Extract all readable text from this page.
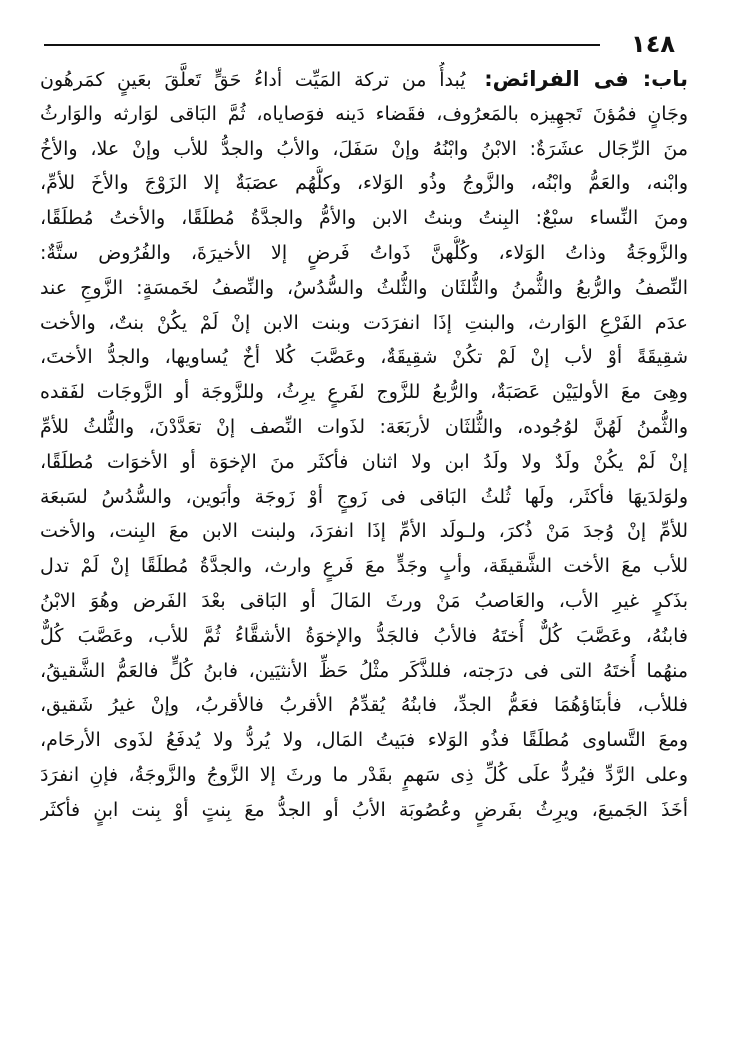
١٤٨
باب: فى الفرائض: يُبدأُ من تركة المَيِّت أداءُ حَقٍّ تَعلَّقَ بعَينٍ كمَرهُون
وجَانٍ فمُؤنَ تَجهِيزه بالمَعرُوف، فقَضاء دَينه فوَصاياه، ثُمَّ البَاقى لوَارثه والوَارثُ
منَ الرِّجَال عشَرَةٌ: الابْنُ وابْنُهُ وإنْ سَفَلَ، والأبُ والجدُّ للأب وإنْ علا، والأخُ
وابْنه، والعَمُّ وابْنُه، والزَّوجُ وذُو الوَلاء، وكلُّهُم عصَبَةٌ إلا الزَوْجَ والأخَ للأمِّ،
ومنَ النِّساء سبْعٌ: البِنتُ وبنتُ الابن والأمُّ والجدَّةُ مُطلَقًا، والأختُ مُطلَقًا،
والزَّوجَةُ وذاتُ الوَلاء، وكُلُّهنَّ ذَواتُ فَرضٍ إلا الأخيرَةَ، والفُرُوض ستَّةٌ:
النِّصفُ والرُّبعُ والثُّمنُ والثُّلثَان والثُّلثُ والسُّدُسُ، والنِّصفُ لخَمسَةٍ: الزَّوجِ عند
عدَم الفَرْعِ الوَارث، والبنتِ إذَا انفرَدَت وبنت الابن إنْ لَمْ يكُنْ بنتٌ، والأخت
شقِيقَةً أوْ لأب إنْ لَمْ تكُنْ شقِيقَةٌ، وعَصَّبَ كُلا أخٌ يُساويها، والجدُّ الأختَ،
وهِىَ معَ الأوليَيْن عَصَبَةٌ، والرُّبعُ للزَّوج لفَرعٍ يرِثُ، وللزَّوجَة أو الزَّوجَات لفَقده
والثُّمنُ لَهُنَّ لوُجُوده، والثُّلثَان لأربَعَة: لذَوات النِّصف إنْ تعَدَّدْنَ، والثُّلثُ للأمِّ
إنْ لَمْ يكُنْ ولَدٌ ولا ولَدُ ابن ولا اثنان فأكثَر منَ الإخوَة أو الأخوَات مُطلَقًا،
ولوَلدَيهَا فأكثَر، ولَها ثُلثُ البَاقى فى زَوجٍ أوْ زَوجَة وأبَوين، والسُّدُسُ لسَبعَة
للأمِّ إنْ وُجدَ مَنْ ذُكرَ، ولـولَد الأمِّ إذَا انفرَدَ، ولبنت الابن معَ البِنت، والأخت
للأب معَ الأخت الشَّقيقَة، وأبٍ وجَدٍّ معَ فَرعٍ وارث، والجدَّةُ مُطلَقًا إنْ لَمْ تدل
بذَكرٍ غيرِ الأب، والعَاصبُ مَنْ ورثَ المَالَ أو البَاقى بعْدَ الفَرض وهُوَ الابْنُ
فابنُهُ، وعَصَّبَ كُلٌّ أُختَهُ فالأبُ فالجَدُّ والإخوَةُ الأشقَّاءُ ثُمَّ للأب، وعَصَّبَ كُلٌّ
منهُما أُختَهُ التى فى درَجته، فللذَّكَر مثْلُ حَظِّ الأنثيَين، فابنُ كُلٍّ فالعَمُّ الشَّقيقُ،
فللأب، فأبنَاؤهُمَا فعَمُّ الجدِّ، فابنُهُ يُقدِّمُ الأقربُ فالأقربُ، وإنْ غيرُ شَقيق،
ومعَ التَّساوى مُطلَقًا فذُو الوَلاء فبَيتُ المَال، ولا يُردُّ ولا يُدفَعُ لذَوى الأرحَام،
وعلى الرَّدِّ فيُردُّ علَى كُلِّ ذِى سَهمٍ بقَدْر ما ورثَ إلا الزَّوجُ والزَّوجَةُ، فإنِ انفرَدَ
أخَذَ الجَميعَ، ويرِثُ بفَرضٍ وعُصُوبَة الأبُ أو الجدُّ معَ بِنتٍ أوْ بِنت ابنٍ فأكثَر
